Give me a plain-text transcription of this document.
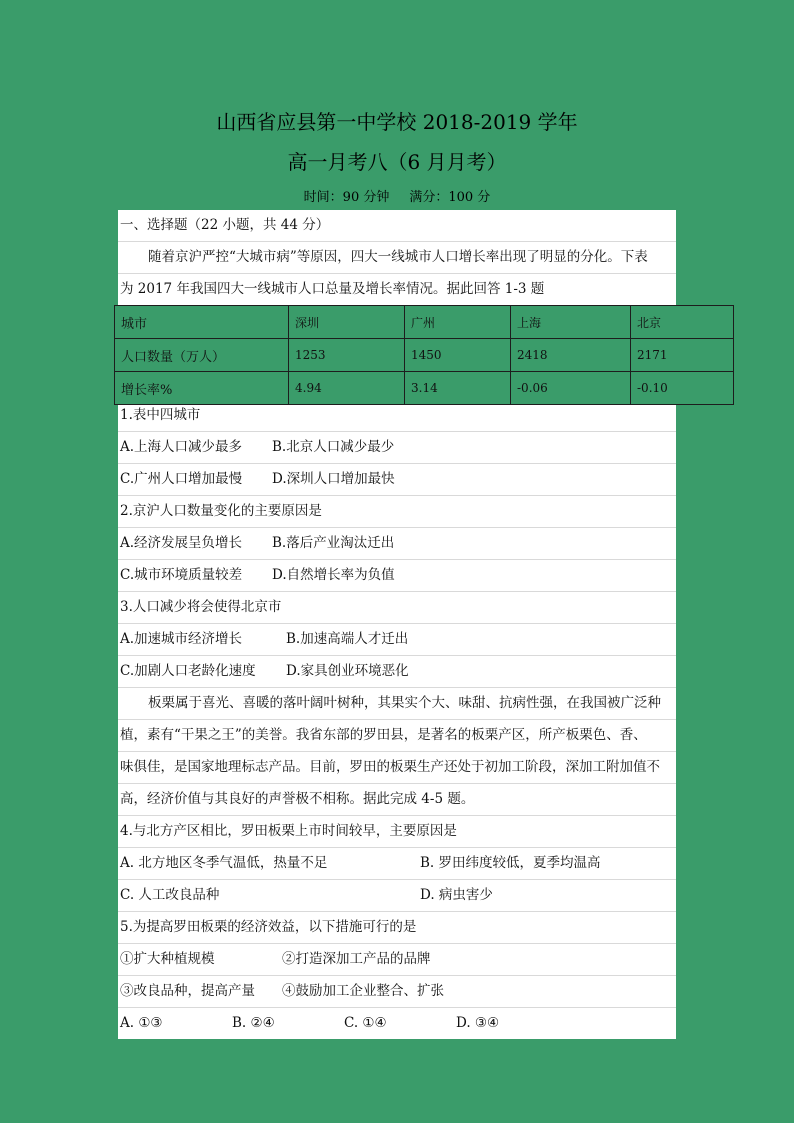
山西省应县第一中学校 2018-2019 学年
高一月考八（6 月月考）
时间：90 分钟 满分：100 分
一、选择题（22 小题，共 44 分）
随着京沪严控“大城市病”等原因，四大一线城市人口增长率出现了明显的分化。下表
为 2017 年我国四大一线城市人口总量及增长率情况。据此回答 1-3 题
1.表中四城市
A.上海人口减少最多	B.北京人口减少最少
C.广州人口增加最慢	D.深圳人口增加最快
2.京沪人口数量变化的主要原因是
A.经济发展呈负增长	B.落后产业淘汰迁出
C.城市环境质量较差	D.自然增长率为负值
3.人口减少将会使得北京市
A.加速城市经济增长	B.加速高端人才迁出
C.加剧人口老龄化速度	D.家具创业环境恶化
板栗属于喜光、喜暖的落叶阔叶树种，其果实个大、味甜、抗病性强，在我国被广泛种
植，素有“干果之王”的美誉。我省东部的罗田县，是著名的板栗产区，所产板栗色、香、
味俱佳，是国家地理标志产品。目前，罗田的板栗生产还处于初加工阶段，深加工附加值不
高，经济价值与其良好的声誉极不相称。据此完成 4-5 题。
4.与北方产区相比，罗田板栗上市时间较早，主要原因是
A. 北方地区冬季气温低，热量不足	B. 罗田纬度较低，夏季均温高
C. 人工改良品种	D. 病虫害少
5.为提高罗田板栗的经济效益，以下措施可行的是
①扩大种植规模	②打造深加工产品的品牌
③改良品种，提高产量	④鼓励加工企业整合、扩张
A. ①③	B. ②④	C. ①④	D. ③④
城市	深圳	广州	上海	北京
人口数量（万人）	1253	1450	2418	2171
增长率%	4.94	3.14	-0.06	-0.10
